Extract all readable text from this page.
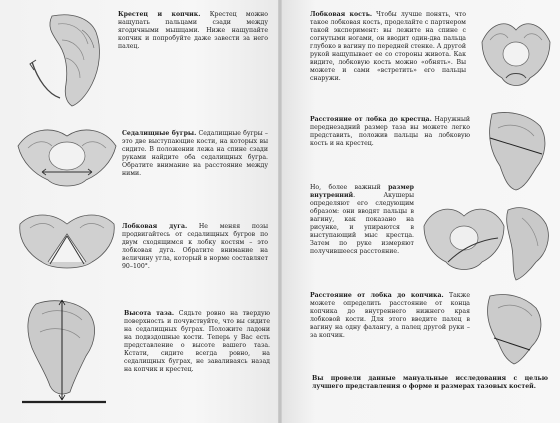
Крестец и копчик. Крестец можно нащупать пальцами сзади между ягодичными мышцами. Ниже нащупайте копчик и попробуйте даже завести за него палец.
Седалищные бугры. Седалищные бугры – это две выступающие кости, на которых вы сидите. В положении лежа на спине сзади руками найдите оба седалищных бугра. Обратите внимание на расстояние между ними.
Лобковая дуга. Не меняя позы продвигайтесь от седалищных бугров по двум сходящимся к лобку костям – это лобковая дуга. Обратите внимание на величину угла, который в норме составляет 90–100°.
Высота таза. Сядьте ровно на твердую поверхность и почувствуйте, что вы сидите на седалищных буграх. Положите ладони на подвздошные кости. Теперь у Вас есть представление о высоте вашего таза. Кстати, сидите всегда ровно, на седалищных буграх, не заваливаясь назад на копчик и крестец.
Лобковая кость. Чтобы лучше понять, что такое лобковая кость, проделайте с партнером такой эксперимент: вы лежите на спине с согнутыми ногами, он вводит один-два пальца глубоко в вагину по передней стенке. А другой рукой нащупывает ее со стороны живота. Как видите, лобковую кость можно «обнять». Вы можете и сами «встретить» его пальцы снаружи.
Расстояние от лобка до крестца. Наружный переднезадний размер таза вы можете легко представить, положив пальцы на лобковую кость и на крестец.
Но, более важный размер внутренний. Акушеры определяют его следующим образом: они вводят пальцы в вагину, как показано на рисунке, и упираются в выступающий мыс крестца. Затем по руке измеряют получившееся расстояние.
Расстояние от лобка до копчика. Также можете определить расстояние от конца копчика до внутреннего нижнего края лобковой кости. Для этого введите палец в вагину на одну фалангу, а палец другой руки – за копчик.
Вы провели данные мануальные исследования с целью лучшего представления о форме и размерах тазовых костей.
